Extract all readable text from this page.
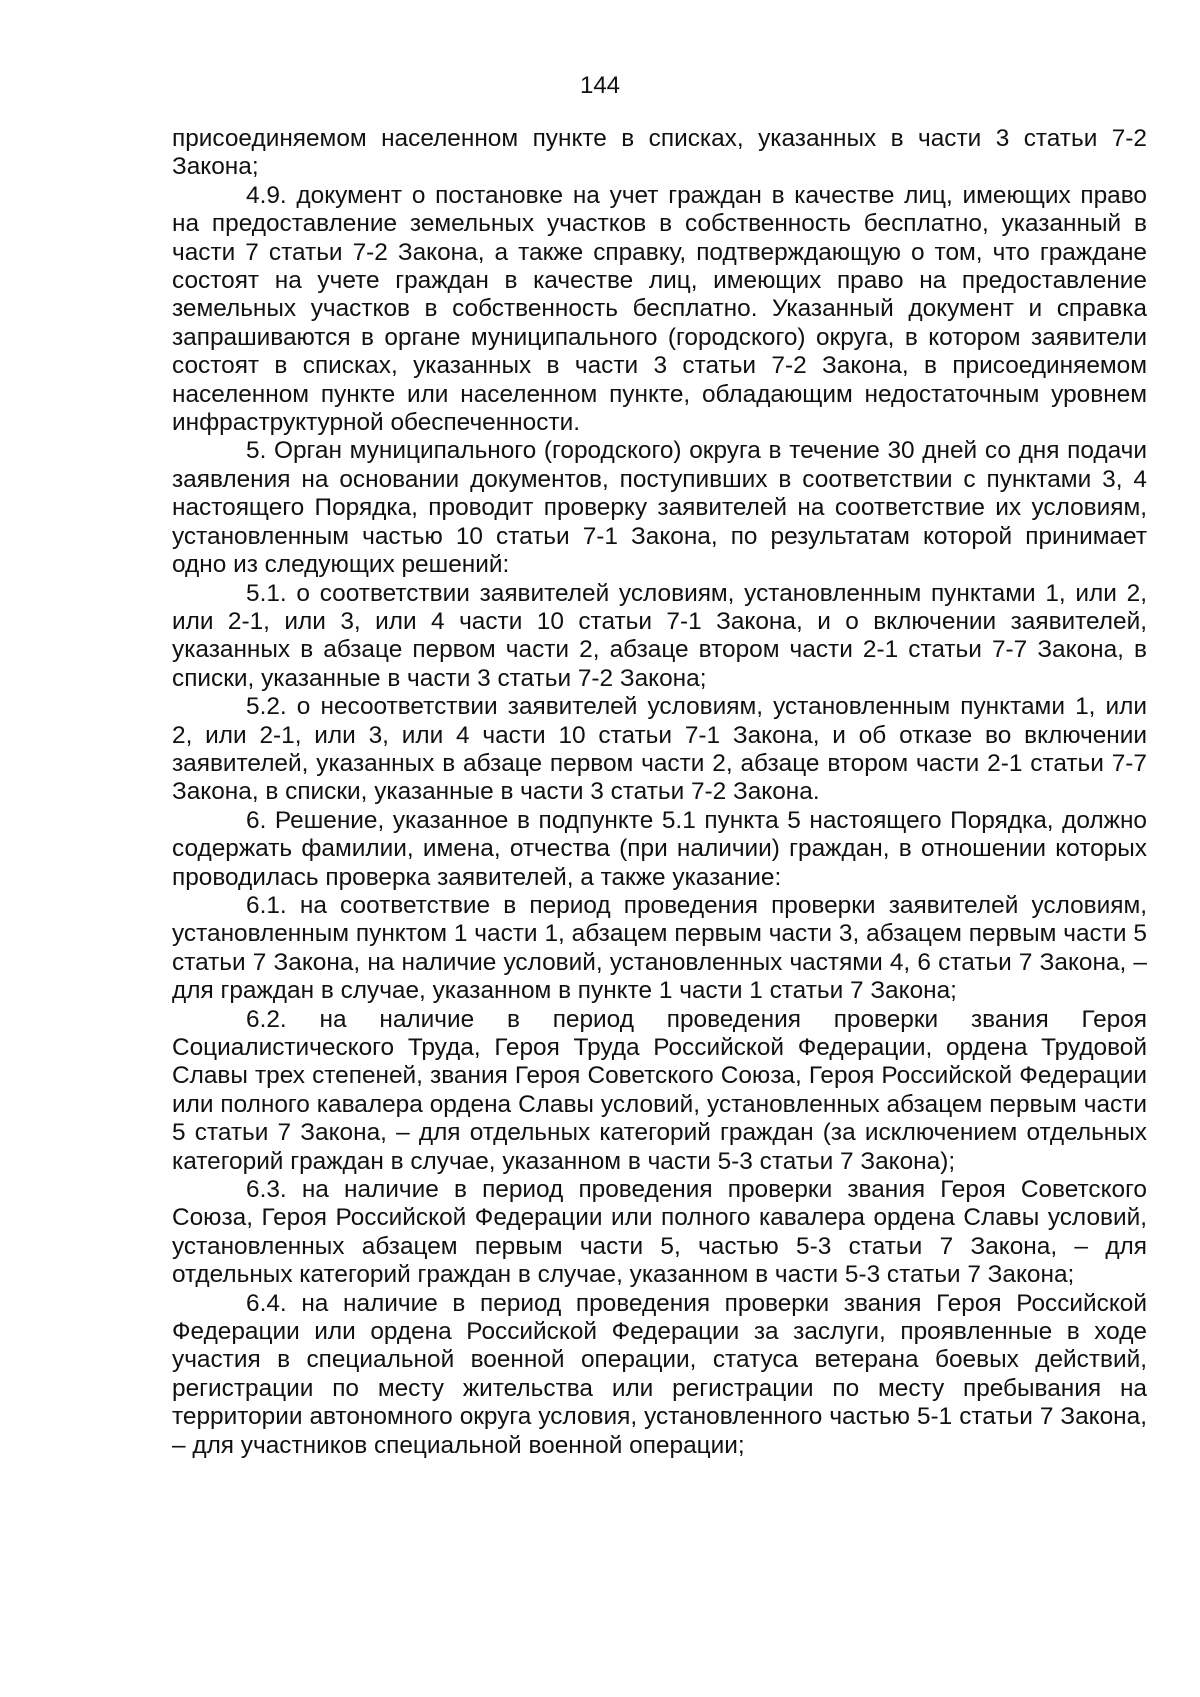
144

присоединяемом населенном пункте в списках, указанных в части 3 статьи 7-2 Закона;

4.9. документ о постановке на учет граждан в качестве лиц, имеющих право на предоставление земельных участков в собственность бесплатно, указанный в части 7 статьи 7-2 Закона, а также справку, подтверждающую о том, что граждане состоят на учете граждан в качестве лиц, имеющих право на предоставление земельных участков в собственность бесплатно. Указанный документ и справка запрашиваются в органе муниципального (городского) округа, в котором заявители состоят в списках, указанных в части 3 статьи 7-2 Закона, в присоединяемом населенном пункте или населенном пункте, обладающим недостаточным уровнем инфраструктурной обеспеченности.

5. Орган муниципального (городского) округа в течение 30 дней со дня подачи заявления на основании документов, поступивших в соответствии с пунктами 3, 4 настоящего Порядка, проводит проверку заявителей на соответствие их условиям, установленным частью 10 статьи 7-1 Закона, по результатам которой принимает одно из следующих решений:

5.1. о соответствии заявителей условиям, установленным пунктами 1, или 2, или 2-1, или 3, или 4 части 10 статьи 7-1 Закона, и о включении заявителей, указанных в абзаце первом части 2, абзаце втором части 2-1 статьи 7-7 Закона, в списки, указанные в части 3 статьи 7-2 Закона;

5.2. о несоответствии заявителей условиям, установленным пунктами 1, или 2, или 2-1, или 3, или 4 части 10 статьи 7-1 Закона, и об отказе во включении заявителей, указанных в абзаце первом части 2, абзаце втором части 2-1 статьи 7-7 Закона, в списки, указанные в части 3 статьи 7-2 Закона.

6. Решение, указанное в подпункте 5.1 пункта 5 настоящего Порядка, должно содержать фамилии, имена, отчества (при наличии) граждан, в отношении которых проводилась проверка заявителей, а также указание:

6.1. на соответствие в период проведения проверки заявителей условиям, установленным пунктом 1 части 1, абзацем первым части 3, абзацем первым части 5 статьи 7 Закона, на наличие условий, установленных частями 4, 6 статьи 7 Закона, – для граждан в случае, указанном в пункте 1 части 1 статьи 7 Закона;

6.2. на наличие в период проведения проверки звания Героя Социалистического Труда, Героя Труда Российской Федерации, ордена Трудовой Славы трех степеней, звания Героя Советского Союза, Героя Российской Федерации или полного кавалера ордена Славы условий, установленных абзацем первым части 5 статьи 7 Закона, – для отдельных категорий граждан (за исключением отдельных категорий граждан в случае, указанном в части 5-3 статьи 7 Закона);

6.3. на наличие в период проведения проверки звания Героя Советского Союза, Героя Российской Федерации или полного кавалера ордена Славы условий, установленных абзацем первым части 5, частью 5-3 статьи 7 Закона, – для отдельных категорий граждан в случае, указанном в части 5-3 статьи 7 Закона;

6.4. на наличие в период проведения проверки звания Героя Российской Федерации или ордена Российской Федерации за заслуги, проявленные в ходе участия в специальной военной операции, статуса ветерана боевых действий, регистрации по месту жительства или регистрации по месту пребывания на территории автономного округа условия, установленного частью 5-1 статьи 7 Закона, – для участников специальной военной операции;
